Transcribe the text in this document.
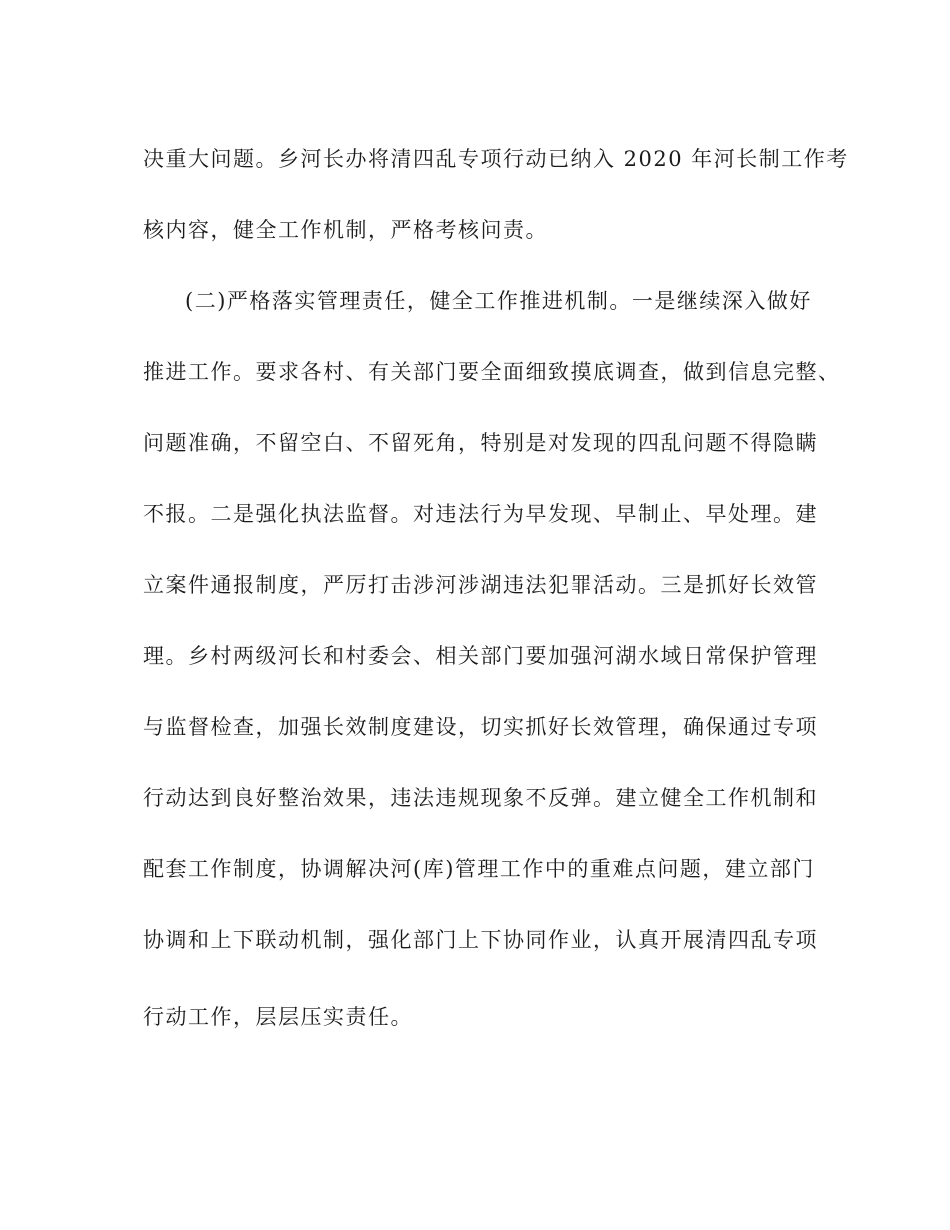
决重大问题。乡河长办将清四乱专项行动已纳入 2020 年河长制工作考
核内容，健全工作机制，严格考核问责。
(二)严格落实管理责任，健全工作推进机制。一是继续深入做好
推进工作。要求各村、有关部门要全面细致摸底调查，做到信息完整、
问题准确，不留空白、不留死角，特别是对发现的四乱问题不得隐瞒
不报。二是强化执法监督。对违法行为早发现、早制止、早处理。建
立案件通报制度，严厉打击涉河涉湖违法犯罪活动。三是抓好长效管
理。乡村两级河长和村委会、相关部门要加强河湖水域日常保护管理
与监督检查，加强长效制度建设，切实抓好长效管理，确保通过专项
行动达到良好整治效果，违法违规现象不反弹。建立健全工作机制和
配套工作制度，协调解决河(库)管理工作中的重难点问题，建立部门
协调和上下联动机制，强化部门上下协同作业，认真开展清四乱专项
行动工作，层层压实责任。
